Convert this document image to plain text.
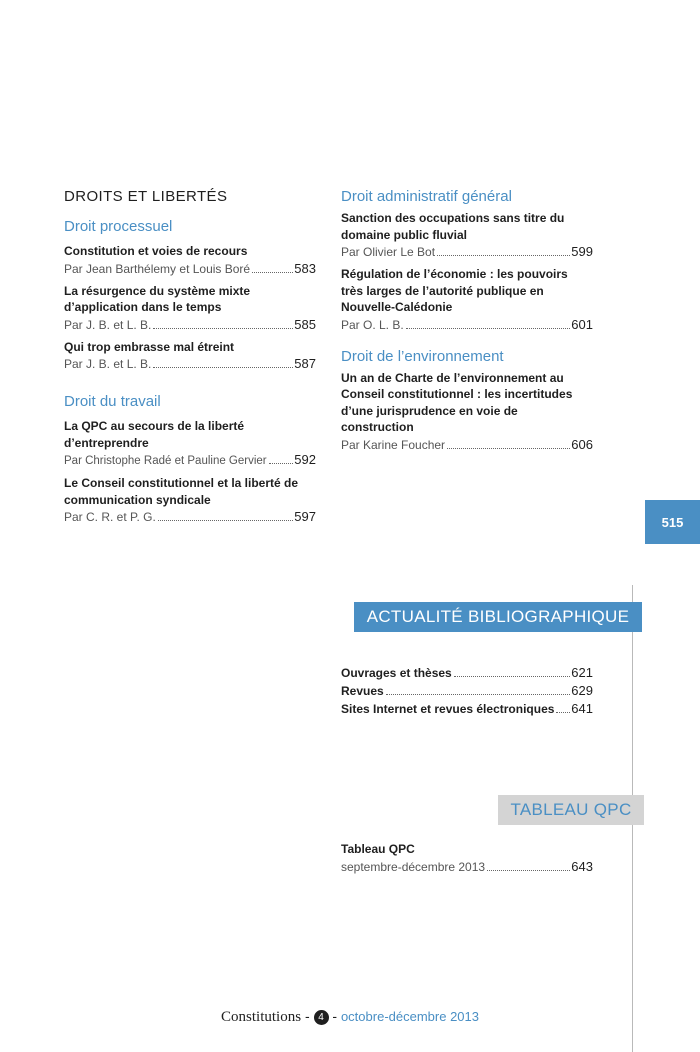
DROITS ET LIBERTÉS
Droit processuel
Constitution et voies de recours
Par Jean Barthélemy et Louis Boré	583
La résurgence du système mixte d’application dans le temps
Par J. B. et L. B.	585
Qui trop embrasse mal étreint
Par J. B. et L. B.	587
Droit du travail
La QPC au secours de la liberté d’entreprendre
Par Christophe Radé et Pauline Gervier 592
Le Conseil constitutionnel et la liberté de communication syndicale
Par C. R. et P. G.	597
Droit administratif général
Sanction des occupations sans titre du domaine public fluvial
Par Olivier Le Bot	599
Régulation de l’économie : les pouvoirs très larges de l’autorité publique en Nouvelle-Calédonie
Par O. L. B.	601
Droit de l’environnement
Un an de Charte de l’environnement au Conseil constitutionnel : les incertitudes d’une jurisprudence en voie de construction
Par Karine Foucher	606
515
ACTUALITÉ BIBLIOGRAPHIQUE
Ouvrages et thèses	621
Revues	629
Sites Internet et revues électroniques 641
TABLEAU QPC
Tableau QPC
septembre-décembre 2013	643
Constitutions - 4 - octobre-décembre 2013
